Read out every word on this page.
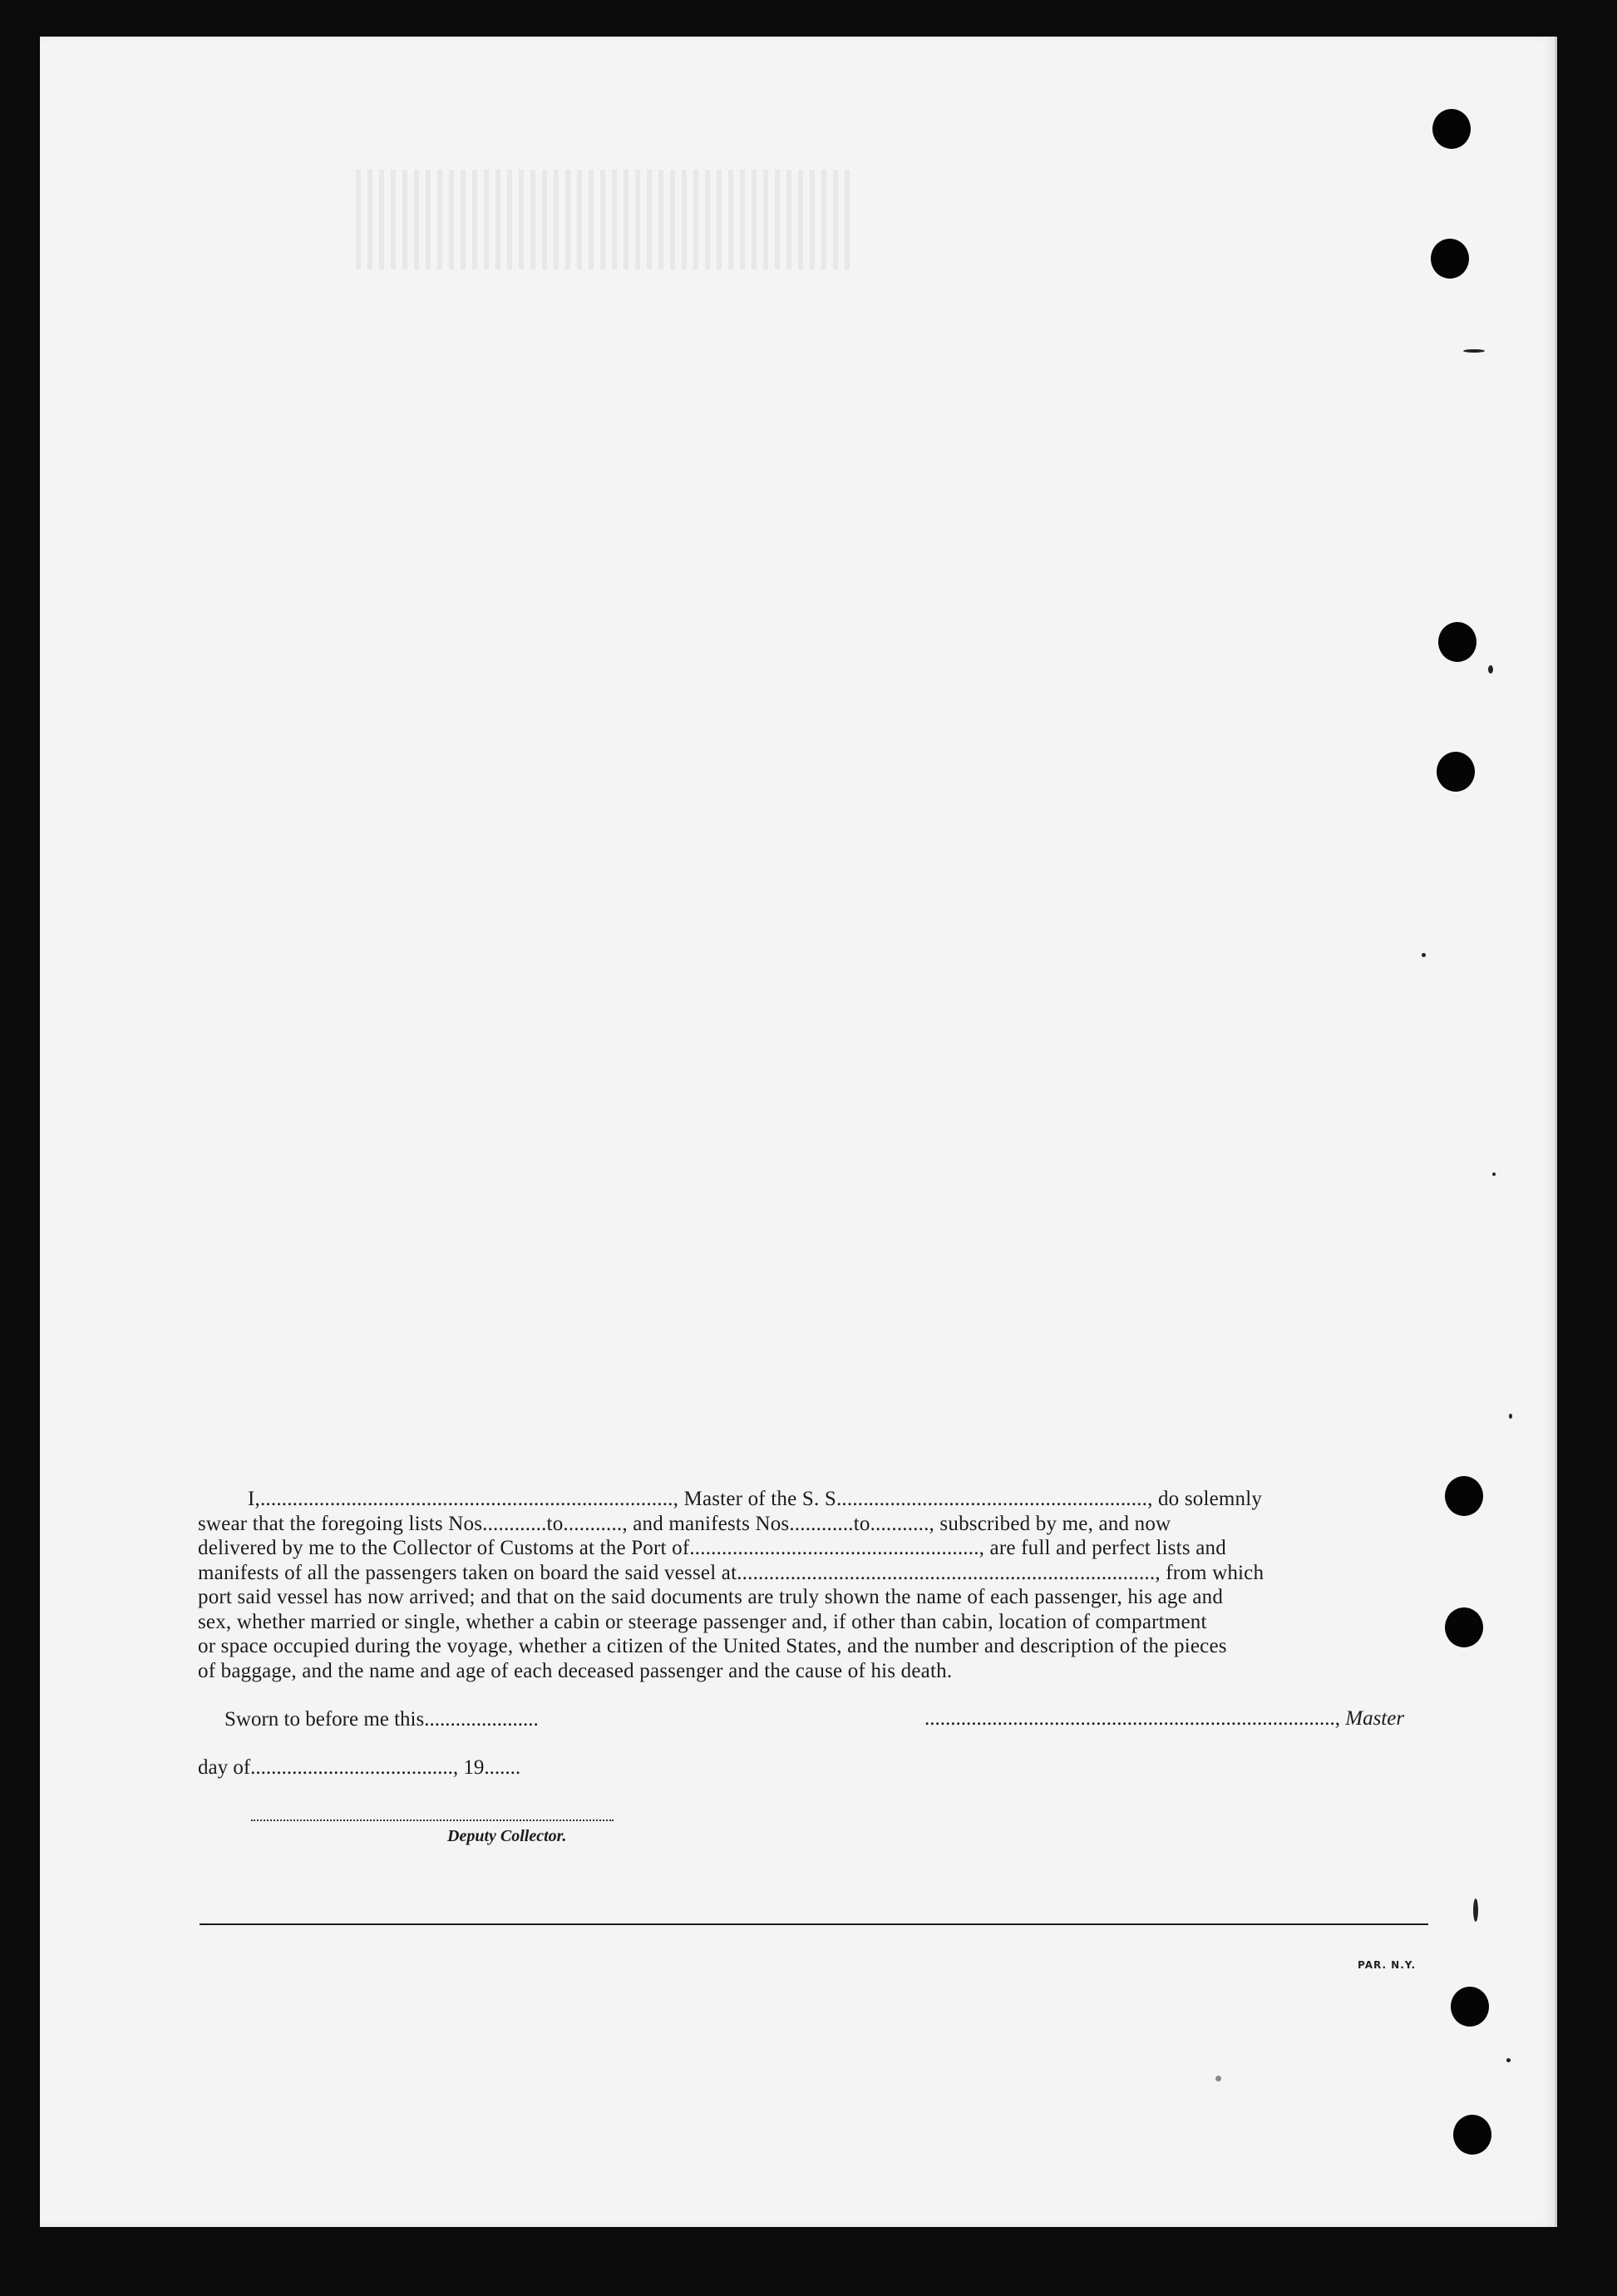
I,............................................................................., Master of the S. S.........................................................., do solemnly
swear that the foregoing lists Nos............to..........., and manifests Nos............to..........., subscribed by me, and now
delivered by me to the Collector of Customs at the Port of......................................................, are full and perfect lists and
manifests of all the passengers taken on board the said vessel at.............................................................................., from which
port said vessel has now arrived; and that on the said documents are truly shown the name of each passenger, his age and
sex, whether married or single, whether a cabin or steerage passenger and, if other than cabin, location of compartment
or space occupied during the voyage, whether a citizen of the United States, and the number and description of the pieces
of baggage, and the name and age of each deceased passenger and the cause of his death.
Sworn to before me this......................	..............................................................................., Master
day of......................................., 19.......
Deputy Collector.
PAR. N.Y.
